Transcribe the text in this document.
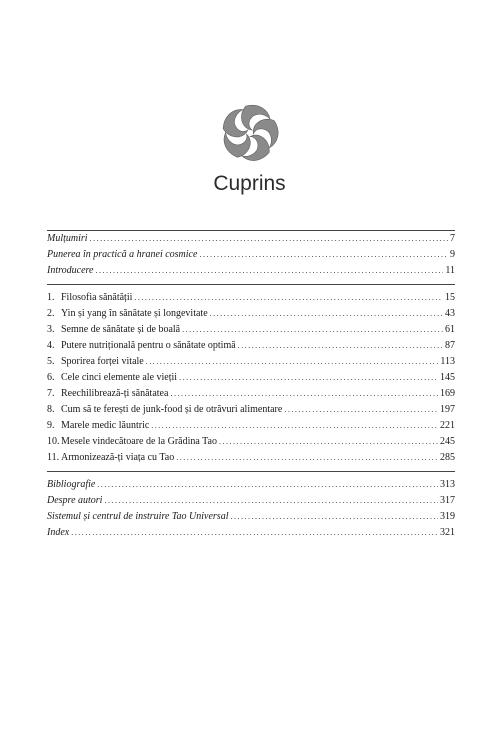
Cuprins
Mulțumiri .....	7
Punerea în practică a hranei cosmice .....	9
Introducere .....	11
1. Filosofia sănătății .....	15
2. Yin și yang în sănătate și longevitate .....	43
3. Semne de sănătate și de boală .....	61
4. Putere nutrițională pentru o sănătate optimă .....	87
5. Sporirea forței vitale .....	113
6. Cele cinci elemente ale vieții .....	145
7. Reechilibrează-ți sănătatea .....	169
8. Cum să te ferești de junk-food și de otrăvuri alimentare .....	197
9. Marele medic lăuntric .....	221
10. Mesele vindecătoare de la Grădina Tao .....	245
11. Armonizează-ți viața cu Tao .....	285
Bibliografie .....	313
Despre autori .....	317
Sistemul și centrul de instruire Tao Universal .....	319
Index .....	321
